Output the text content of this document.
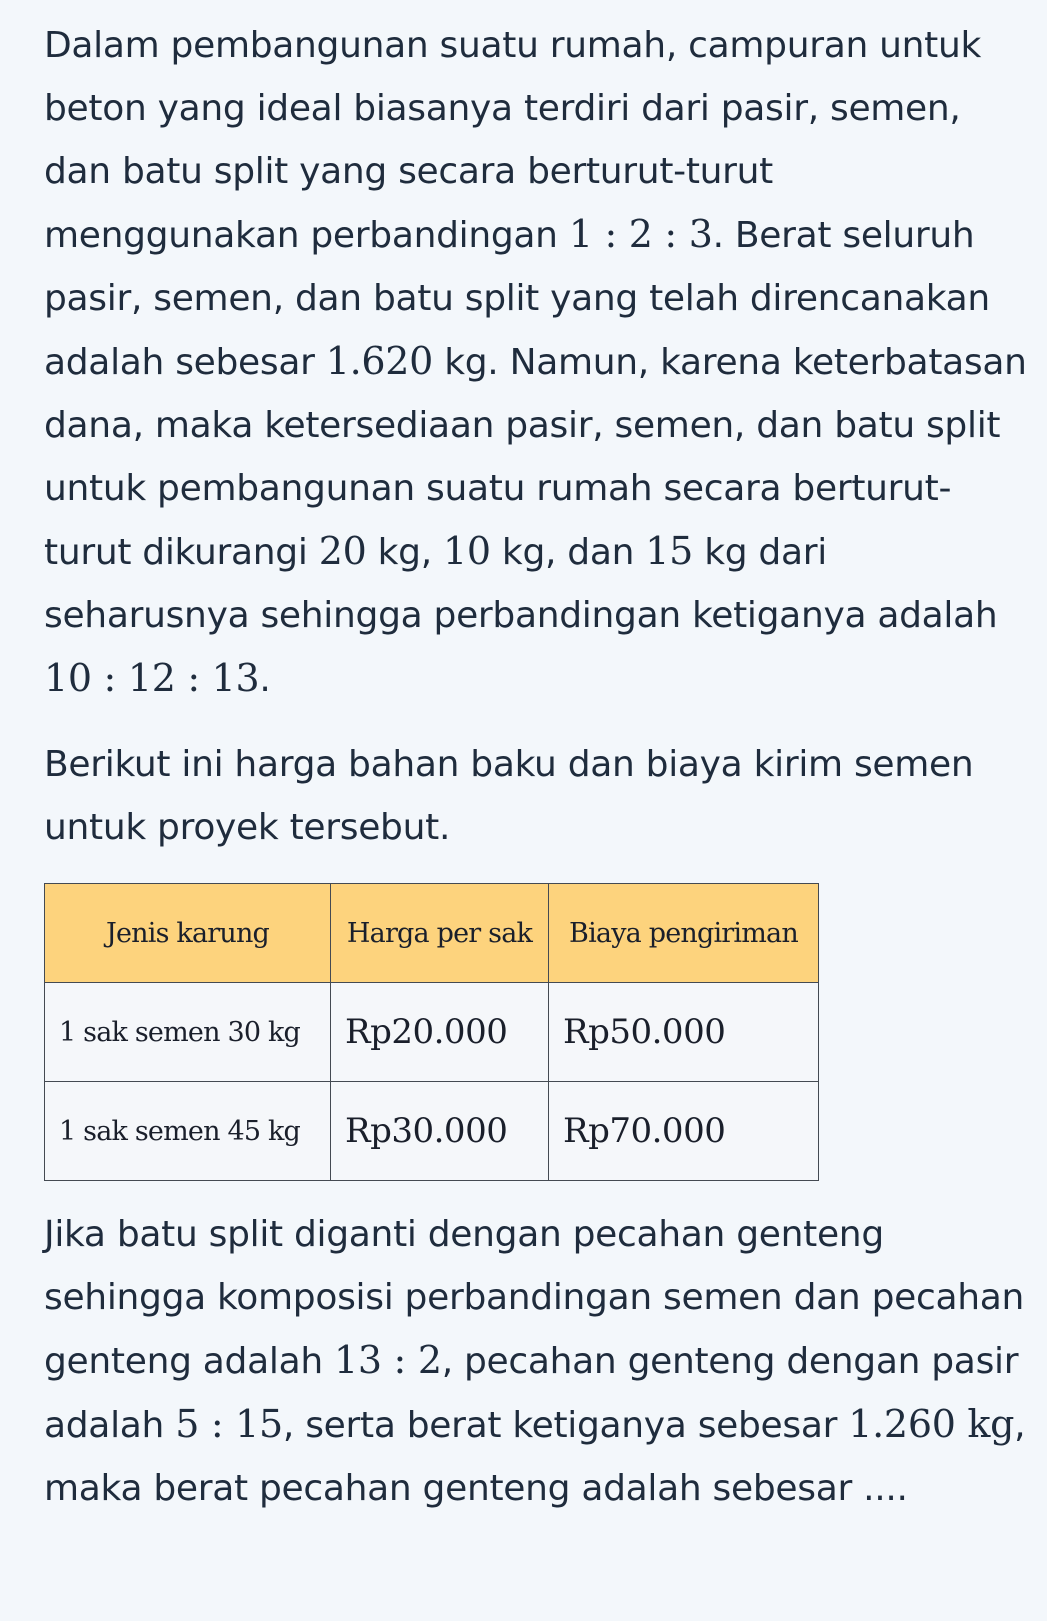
Dalam pembangunan suatu rumah, campuran untuk beton yang ideal biasanya terdiri dari pasir, semen, dan batu split yang secara berturut-turut menggunakan perbandingan 1 : 2 : 3. Berat seluruh pasir, semen, dan batu split yang telah direncanakan adalah sebesar 1.620 kg. Namun, karena keterbatasan dana, maka ketersediaan pasir, semen, dan batu split untuk pembangunan suatu rumah secara berturut-turut dikurangi 20 kg, 10 kg, dan 15 kg dari seharusnya sehingga perbandingan ketiganya adalah 10 : 12 : 13.

Berikut ini harga bahan baku dan biaya kirim semen untuk proyek tersebut.

Jenis karung	Harga per sak	Biaya pengiriman
1 sak semen 30 kg	Rp20.000	Rp50.000
1 sak semen 45 kg	Rp30.000	Rp70.000

Jika batu split diganti dengan pecahan genteng sehingga komposisi perbandingan semen dan pecahan genteng adalah 13 : 2, pecahan genteng dengan pasir adalah 5 : 15, serta berat ketiganya sebesar 1.260 kg, maka berat pecahan genteng adalah sebesar ....
